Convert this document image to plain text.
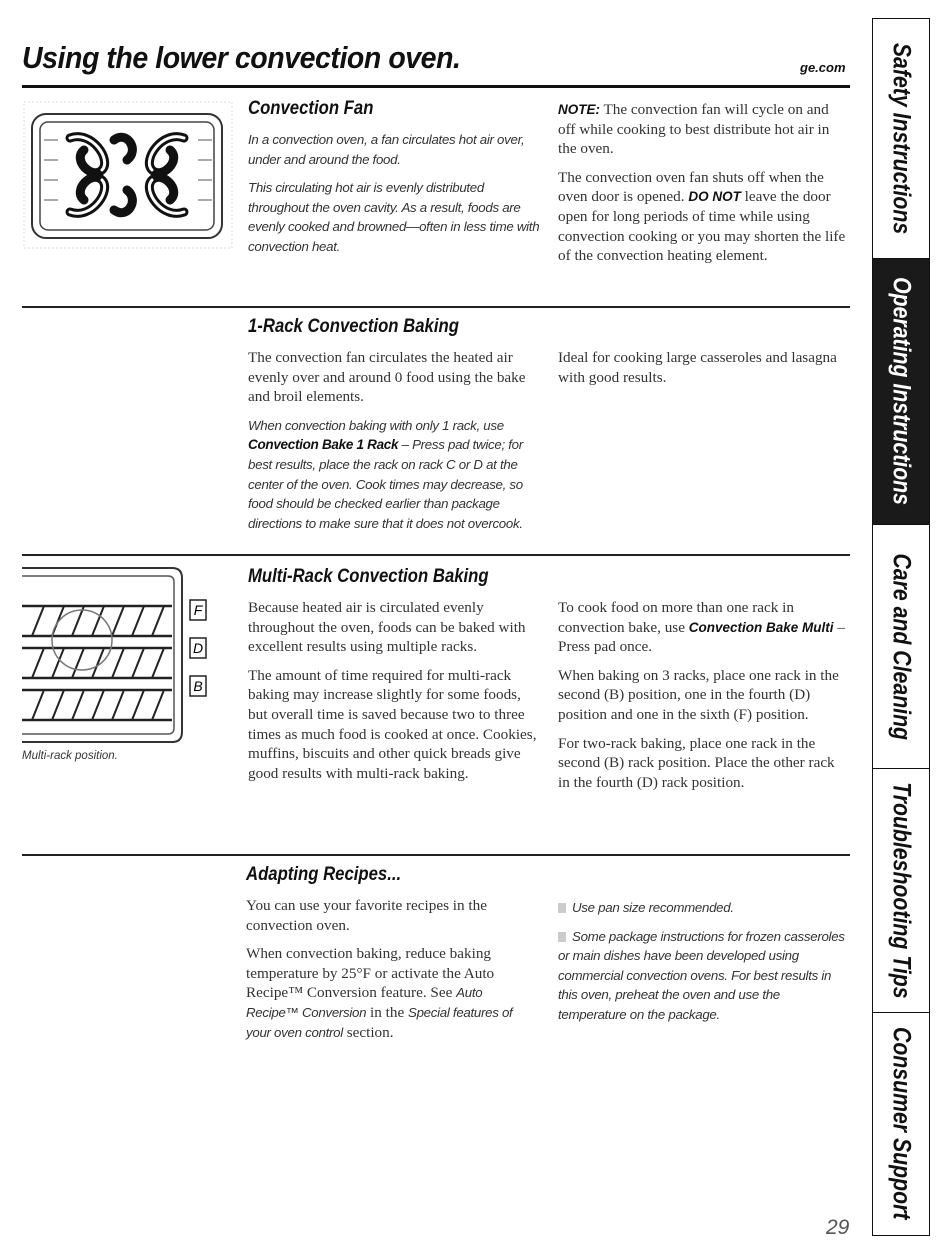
Using the lower convection oven.	ge.com
Convection Fan

In a convection oven, a fan circulates hot air over, under and around the food.

This circulating hot air is evenly distributed throughout the oven cavity. As a result, foods are evenly cooked and browned—often in less time with convection heat.

NOTE: The convection fan will cycle on and off while cooking to best distribute hot air in the oven.

The convection oven fan shuts off when the oven door is opened. DO NOT leave the door open for long periods of time while using convection cooking or you may shorten the life of the convection heating element.

1-Rack Convection Baking

The convection fan circulates the heated air evenly over and around 0 food using the bake and broil elements.

When convection baking with only 1 rack, use Convection Bake 1 Rack – Press pad twice; for best results, place the rack on rack C or D at the center of the oven. Cook times may decrease, so food should be checked earlier than package directions to make sure that it does not overcook.

Ideal for cooking large casseroles and lasagna with good results.

F
D
B
Multi-rack position.
Multi-Rack Convection Baking

Because heated air is circulated evenly throughout the oven, foods can be baked with excellent results using multiple racks.

The amount of time required for multi-rack baking may increase slightly for some foods, but overall time is saved because two to three times as much food is cooked at once. Cookies, muffins, biscuits and other quick breads give good results with multi-rack baking.

To cook food on more than one rack in convection bake, use Convection Bake Multi – Press pad once.

When baking on 3 racks, place one rack in the second (B) position, one in the fourth (D) position and one in the sixth (F) position.

For two-rack baking, place one rack in the second (B) rack position. Place the other rack in the fourth (D) rack position.

Adapting Recipes...

You can use your favorite recipes in the convection oven.

When convection baking, reduce baking temperature by 25°F or activate the Auto Recipe™ Conversion feature. See Auto Recipe™ Conversion in the Special features of your oven control section.

Use pan size recommended.

Some package instructions for frozen casseroles or main dishes have been developed using commercial convection ovens. For best results in this oven, preheat the oven and use the temperature on the package.

Safety Instructions
Operating Instructions
Care and Cleaning
Troubleshooting Tips
Consumer Support
29
